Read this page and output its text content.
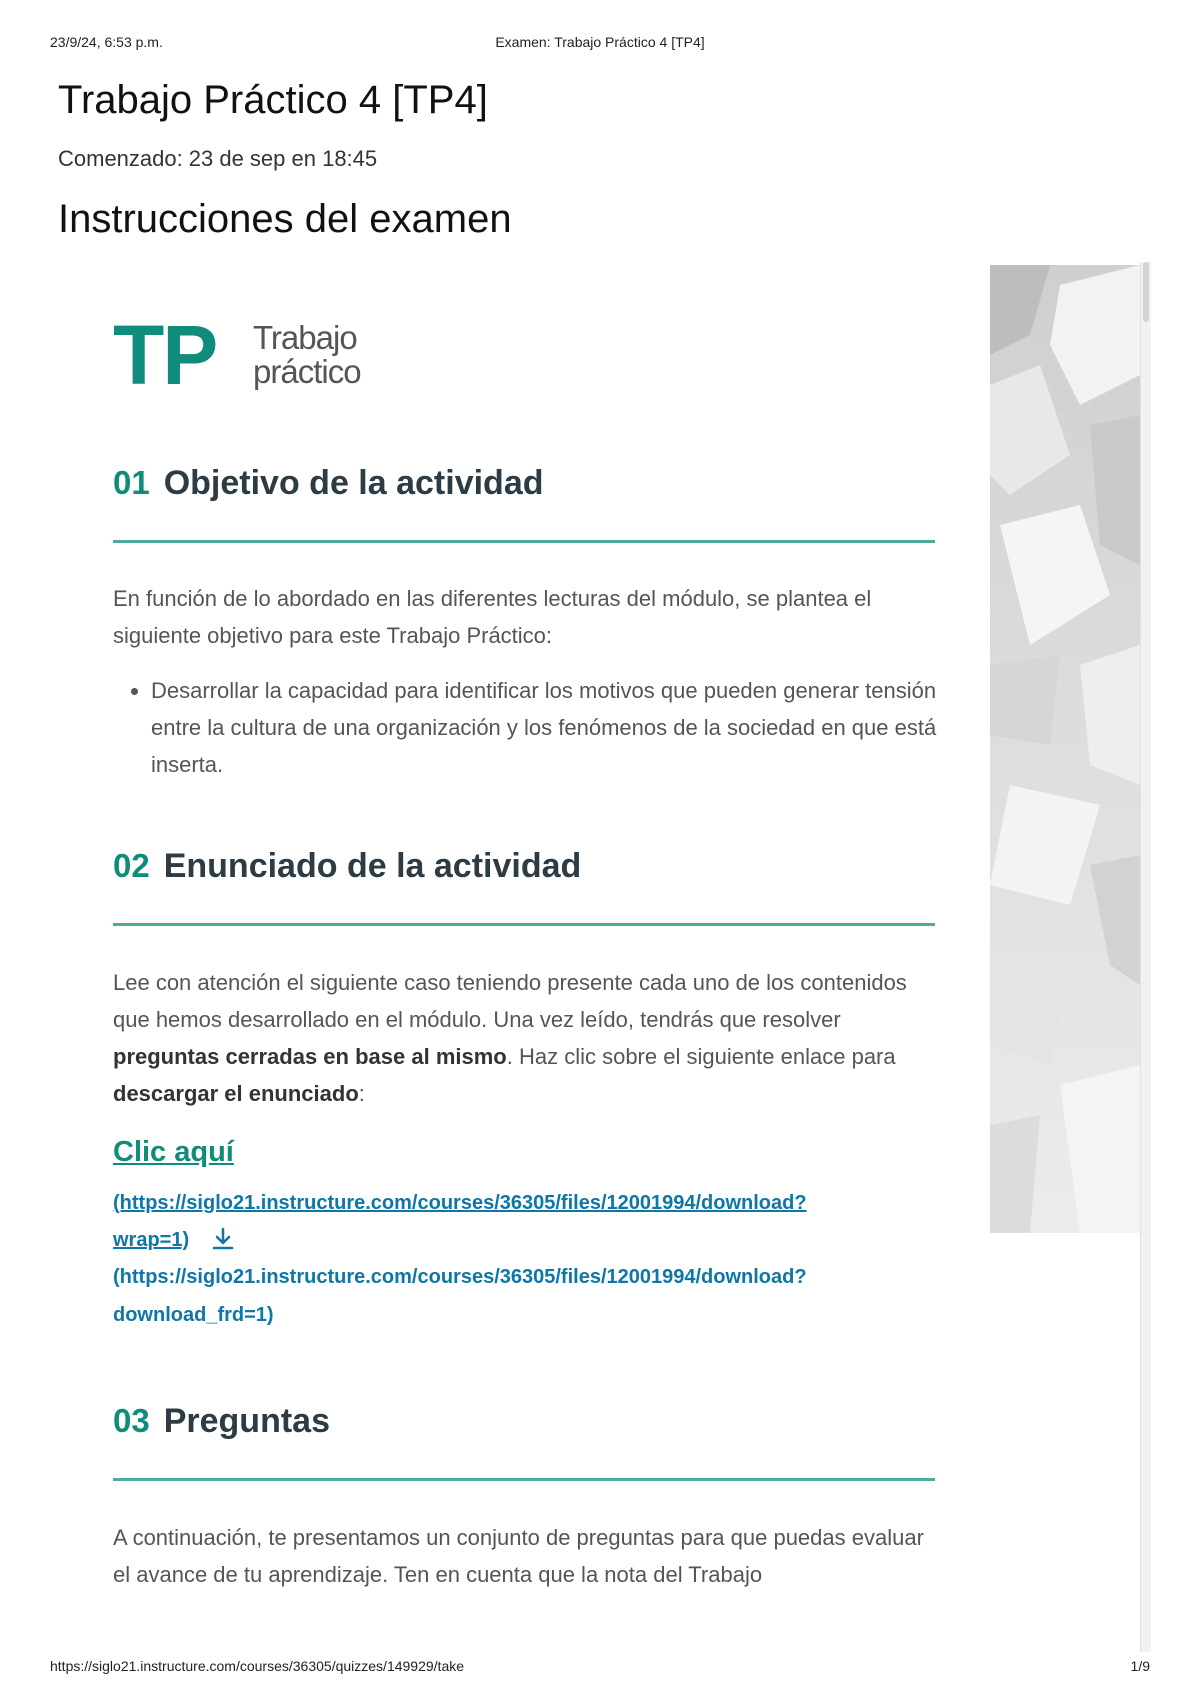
23/9/24, 6:53 p.m.	Examen: Trabajo Práctico 4 [TP4]
Trabajo Práctico 4 [TP4]
Comenzado: 23 de sep en 18:45
Instrucciones del examen
TP Trabajo
práctico
01 Objetivo de la actividad

En función de lo abordado en las diferentes lecturas del módulo, se plantea el siguiente objetivo para este Trabajo Práctico:

• Desarrollar la capacidad para identificar los motivos que pueden generar tensión entre la cultura de una organización y los fenómenos de la sociedad en que está inserta.
02 Enunciado de la actividad

Lee con atención el siguiente caso teniendo presente cada uno de los contenidos que hemos desarrollado en el módulo. Una vez leído, tendrás que resolver preguntas cerradas en base al mismo. Haz clic sobre el siguiente enlace para descargar el enunciado:

Clic aquí
(https://siglo21.instructure.com/courses/36305/files/12001994/download?
wrap=1)
(https://siglo21.instructure.com/courses/36305/files/12001994/download?
download_frd=1)
03 Preguntas

A continuación, te presentamos un conjunto de preguntas para que puedas evaluar el avance de tu aprendizaje. Ten en cuenta que la nota del Trabajo

https://siglo21.instructure.com/courses/36305/quizzes/149929/take	1/9
